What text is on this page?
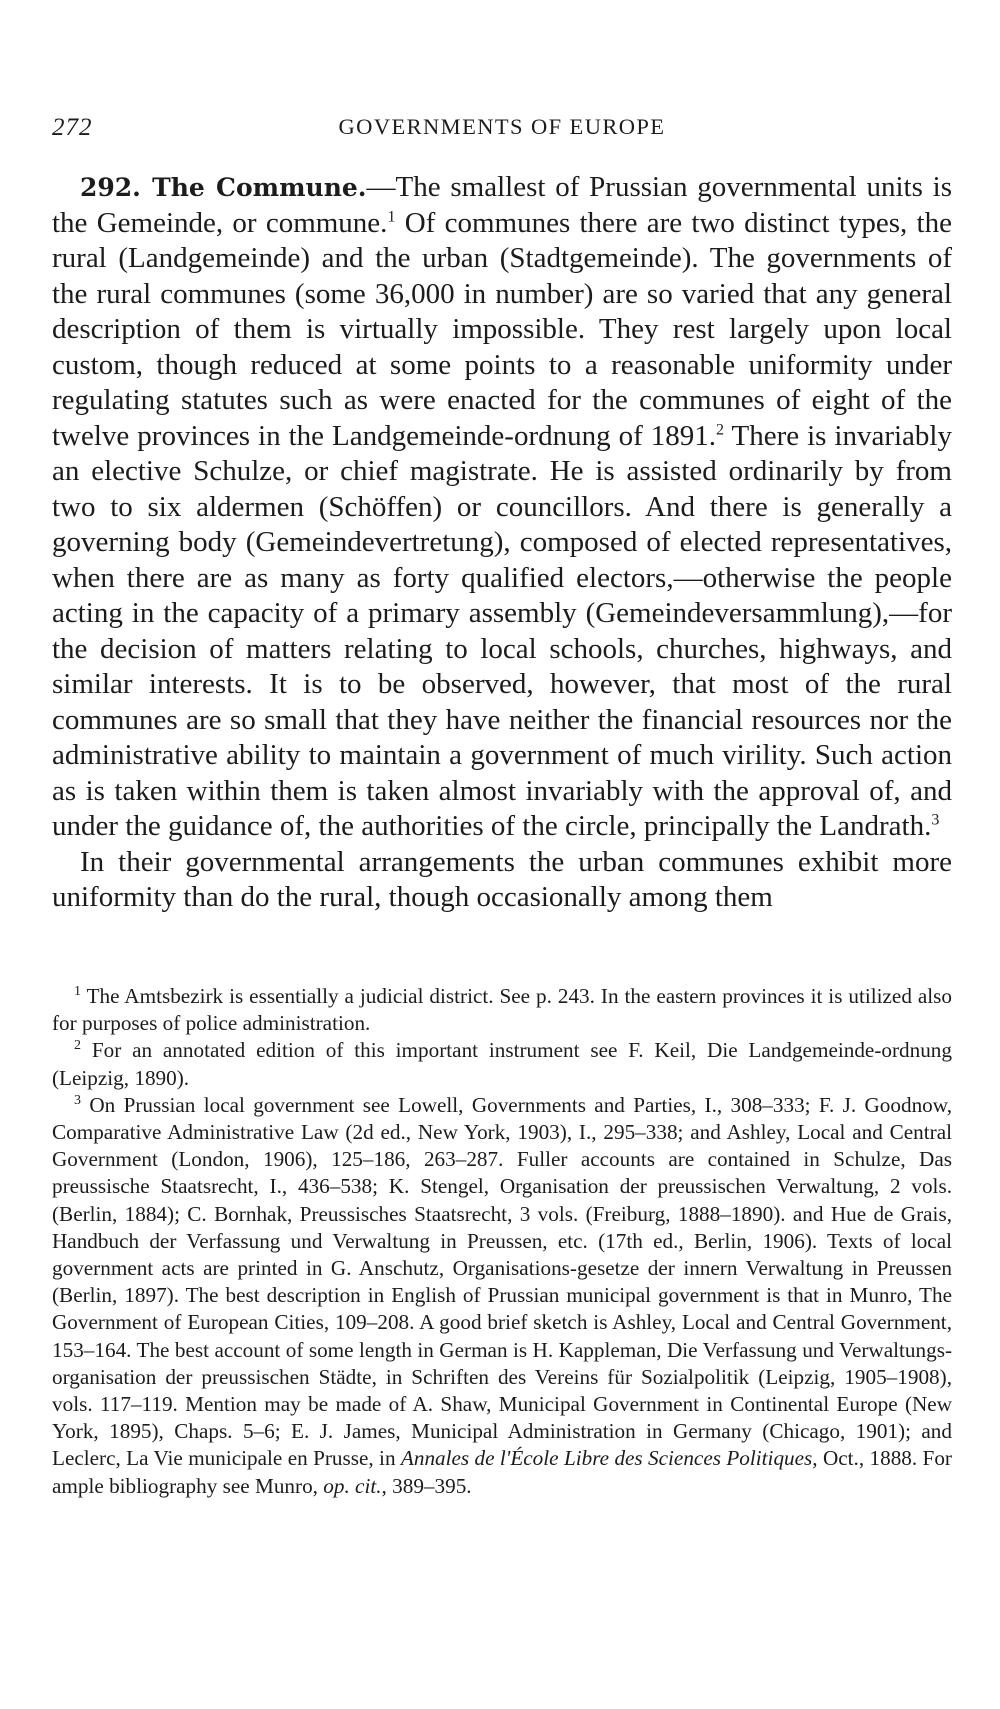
272	GOVERNMENTS OF EUROPE

292. The Commune.—The smallest of Prussian governmental units is the Gemeinde, or commune.$^1$ Of communes there are two distinct types, the rural (Landgemeinde) and the urban (Stadtgemeinde). The governments of the rural communes (some 36,000 in number) are so varied that any general description of them is virtually impossible. They rest largely upon local custom, though reduced at some points to a reasonable uniformity under regulating statutes such as were enacted for the communes of eight of the twelve provinces in the Landgemeinde-ordnung of 1891.$^2$ There is invariably an elective Schulze, or chief magistrate. He is assisted ordinarily by from two to six aldermen (Schöffen) or councillors. And there is generally a governing body (Gemeindevertretung), composed of elected representatives, when there are as many as forty qualified electors,—otherwise the people acting in the capacity of a primary assembly (Gemeindeversammlung),—for the decision of matters relating to local schools, churches, highways, and similar interests. It is to be observed, however, that most of the rural communes are so small that they have neither the financial resources nor the administrative ability to maintain a government of much virility. Such action as is taken within them is taken almost invariably with the approval of, and under the guidance of, the authorities of the circle, principally the Landrath.$^3$

In their governmental arrangements the urban communes exhibit more uniformity than do the rural, though occasionally among them

$^1$ The Amtsbezirk is essentially a judicial district. See p. 243. In the eastern provinces it is utilized also for purposes of police administration.

$^2$ For an annotated edition of this important instrument see F. Keil, Die Landgemeinde-ordnung (Leipzig, 1890).

$^3$ On Prussian local government see Lowell, Governments and Parties, I., 308–333; F. J. Goodnow, Comparative Administrative Law (2d ed., New York, 1903), I., 295–338; and Ashley, Local and Central Government (London, 1906), 125–186, 263–287. Fuller accounts are contained in Schulze, Das preussische Staatsrecht, I., 436–538; K. Stengel, Organisation der preussischen Verwaltung, 2 vols. (Berlin, 1884); C. Bornhak, Preussisches Staatsrecht, 3 vols. (Freiburg, 1888–1890). and Hue de Grais, Handbuch der Verfassung und Verwaltung in Preussen, etc. (17th ed., Berlin, 1906). Texts of local government acts are printed in G. Anschutz, Organisations-gesetze der innern Verwaltung in Preussen (Berlin, 1897). The best description in English of Prussian municipal government is that in Munro, The Government of European Cities, 109–208. A good brief sketch is Ashley, Local and Central Government, 153–164. The best account of some length in German is H. Kappleman, Die Verfassung und Verwaltungs-organisation der preussischen Städte, in Schriften des Vereins für Sozialpolitik (Leipzig, 1905–1908), vols. 117–119. Mention may be made of A. Shaw, Municipal Government in Continental Europe (New York, 1895), Chaps. 5–6; E. J. James, Municipal Administration in Germany (Chicago, 1901); and Leclerc, La Vie municipale en Prusse, in Annales de l'École Libre des Sciences Politiques, Oct., 1888. For ample bibliography see Munro, op. cit., 389–395.
